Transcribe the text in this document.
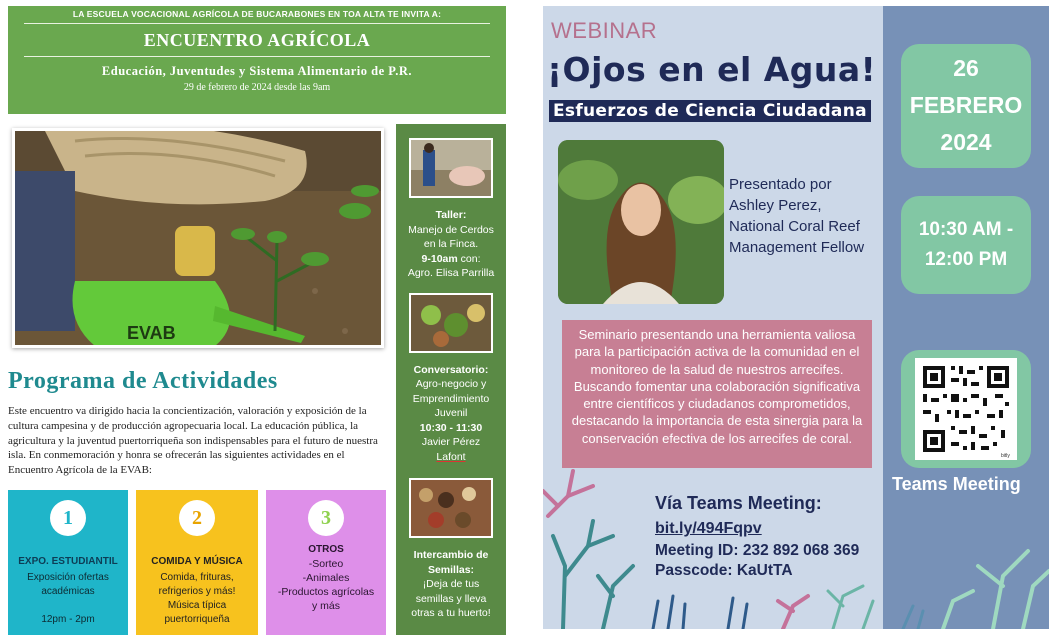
LA ESCUELA VOCACIONAL AGRÍCOLA DE BUCARABONES EN TOA ALTA TE INVITA A:
ENCUENTRO AGRÍCOLA
Educación, Juventudes y Sistema Alimentario de P.R.
29 de febrero de 2024 desde las 9am
EVAB
Programa de Actividades
Este encuentro va dirigido hacia la concientización, valoración y exposición de la cultura campesina y de producción agropecuaria local. La educación pública, la agricultura y la juventud puertorriqueña son indispensables para el futuro de nuestra isla. En conmemoración y honra se ofrecerán las siguientes actividades en el Encuentro Agrícola de la EVAB:
1
EXPO. ESTUDIANTIL
Exposición ofertas
académicas
12pm - 2pm
2
COMIDA Y MÚSICA
Comida, frituras,
refrigerios y más!
Música típica
puertorriqueña
3
OTROS
-Sorteo
-Animales
-Productos agrícolas
y más
Taller:
Manejo de Cerdos
en la Finca.
9-10am con:
Agro. Elisa Parrilla
Conversatorio:
Agro-negocio y
Emprendimiento
Juvenil
10:30 - 11:30
Javier Pérez
Lafont
Intercambio de
Semillas:
¡Deja de tus
semillas y lleva
otras a tu huerto!
WEBINAR
¡Ojos en el Agua!
Esfuerzos de Ciencia Ciudadana
Presentado por
Ashley Perez,
National Coral Reef
Management Fellow
Seminario presentando una herramienta valiosa para la participación activa de la comunidad en el monitoreo de la salud de nuestros arrecifes. Buscando fomentar una colaboración significativa entre científicos y ciudadanos comprometidos, destacando la importancia de esta sinergia para la conservación efectiva de los arrecifes de coral.
Vía Teams Meeting:
bit.ly/494Fqpv
Meeting ID: 232 892 068 369
Passcode: KaUtTA
26
FEBRERO
2024
10:30 AM -
12:00 PM
bitly
Teams Meeting
